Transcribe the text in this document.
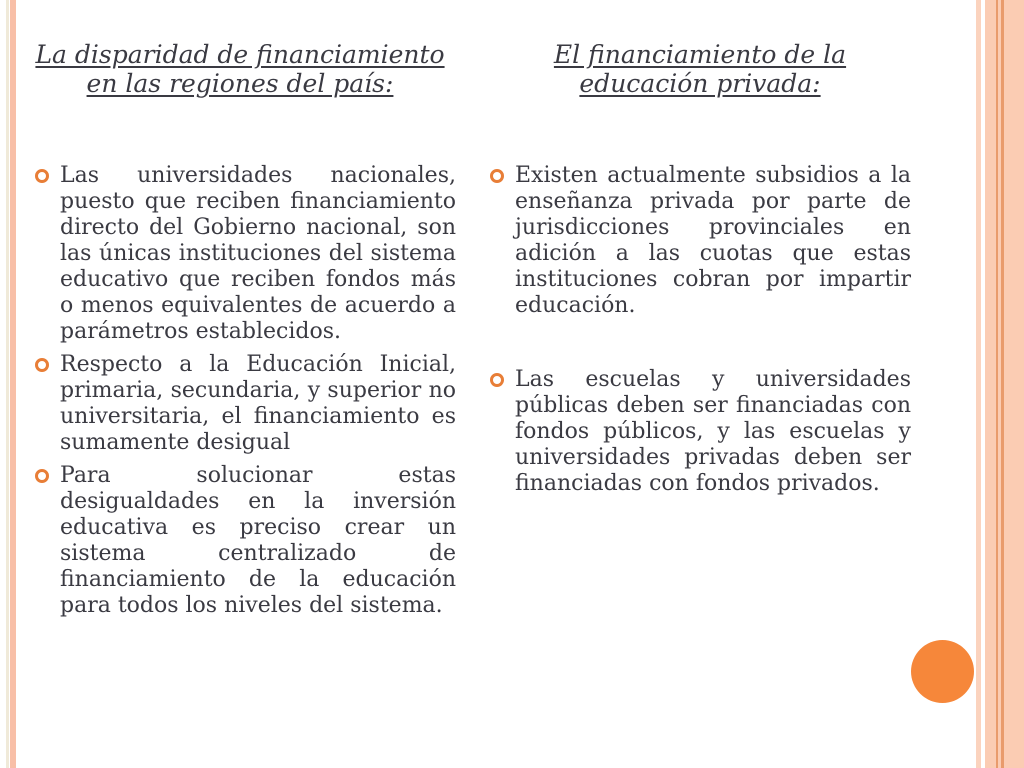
La disparidad de financiamiento
en las regiones del país:
El financiamiento de la
educación privada:
Las universidades nacionales, puesto que reciben financiamiento directo del Gobierno nacional, son las únicas instituciones del sistema educativo que reciben fondos más o menos equivalentes de acuerdo a parámetros establecidos.
Respecto a la Educación Inicial, primaria, secundaria, y superior no universitaria, el financiamiento es sumamente desigual
Para solucionar estas desigualdades en la inversión educativa es preciso crear un sistema centralizado de financiamiento de la educación para todos los niveles del sistema.
Existen actualmente subsidios a la enseñanza privada por parte de jurisdicciones provinciales en adición a las cuotas que estas instituciones cobran por impartir educación.
Las escuelas y universidades públicas deben ser financiadas con fondos públicos, y las escuelas y universidades privadas deben ser financiadas con fondos privados.
